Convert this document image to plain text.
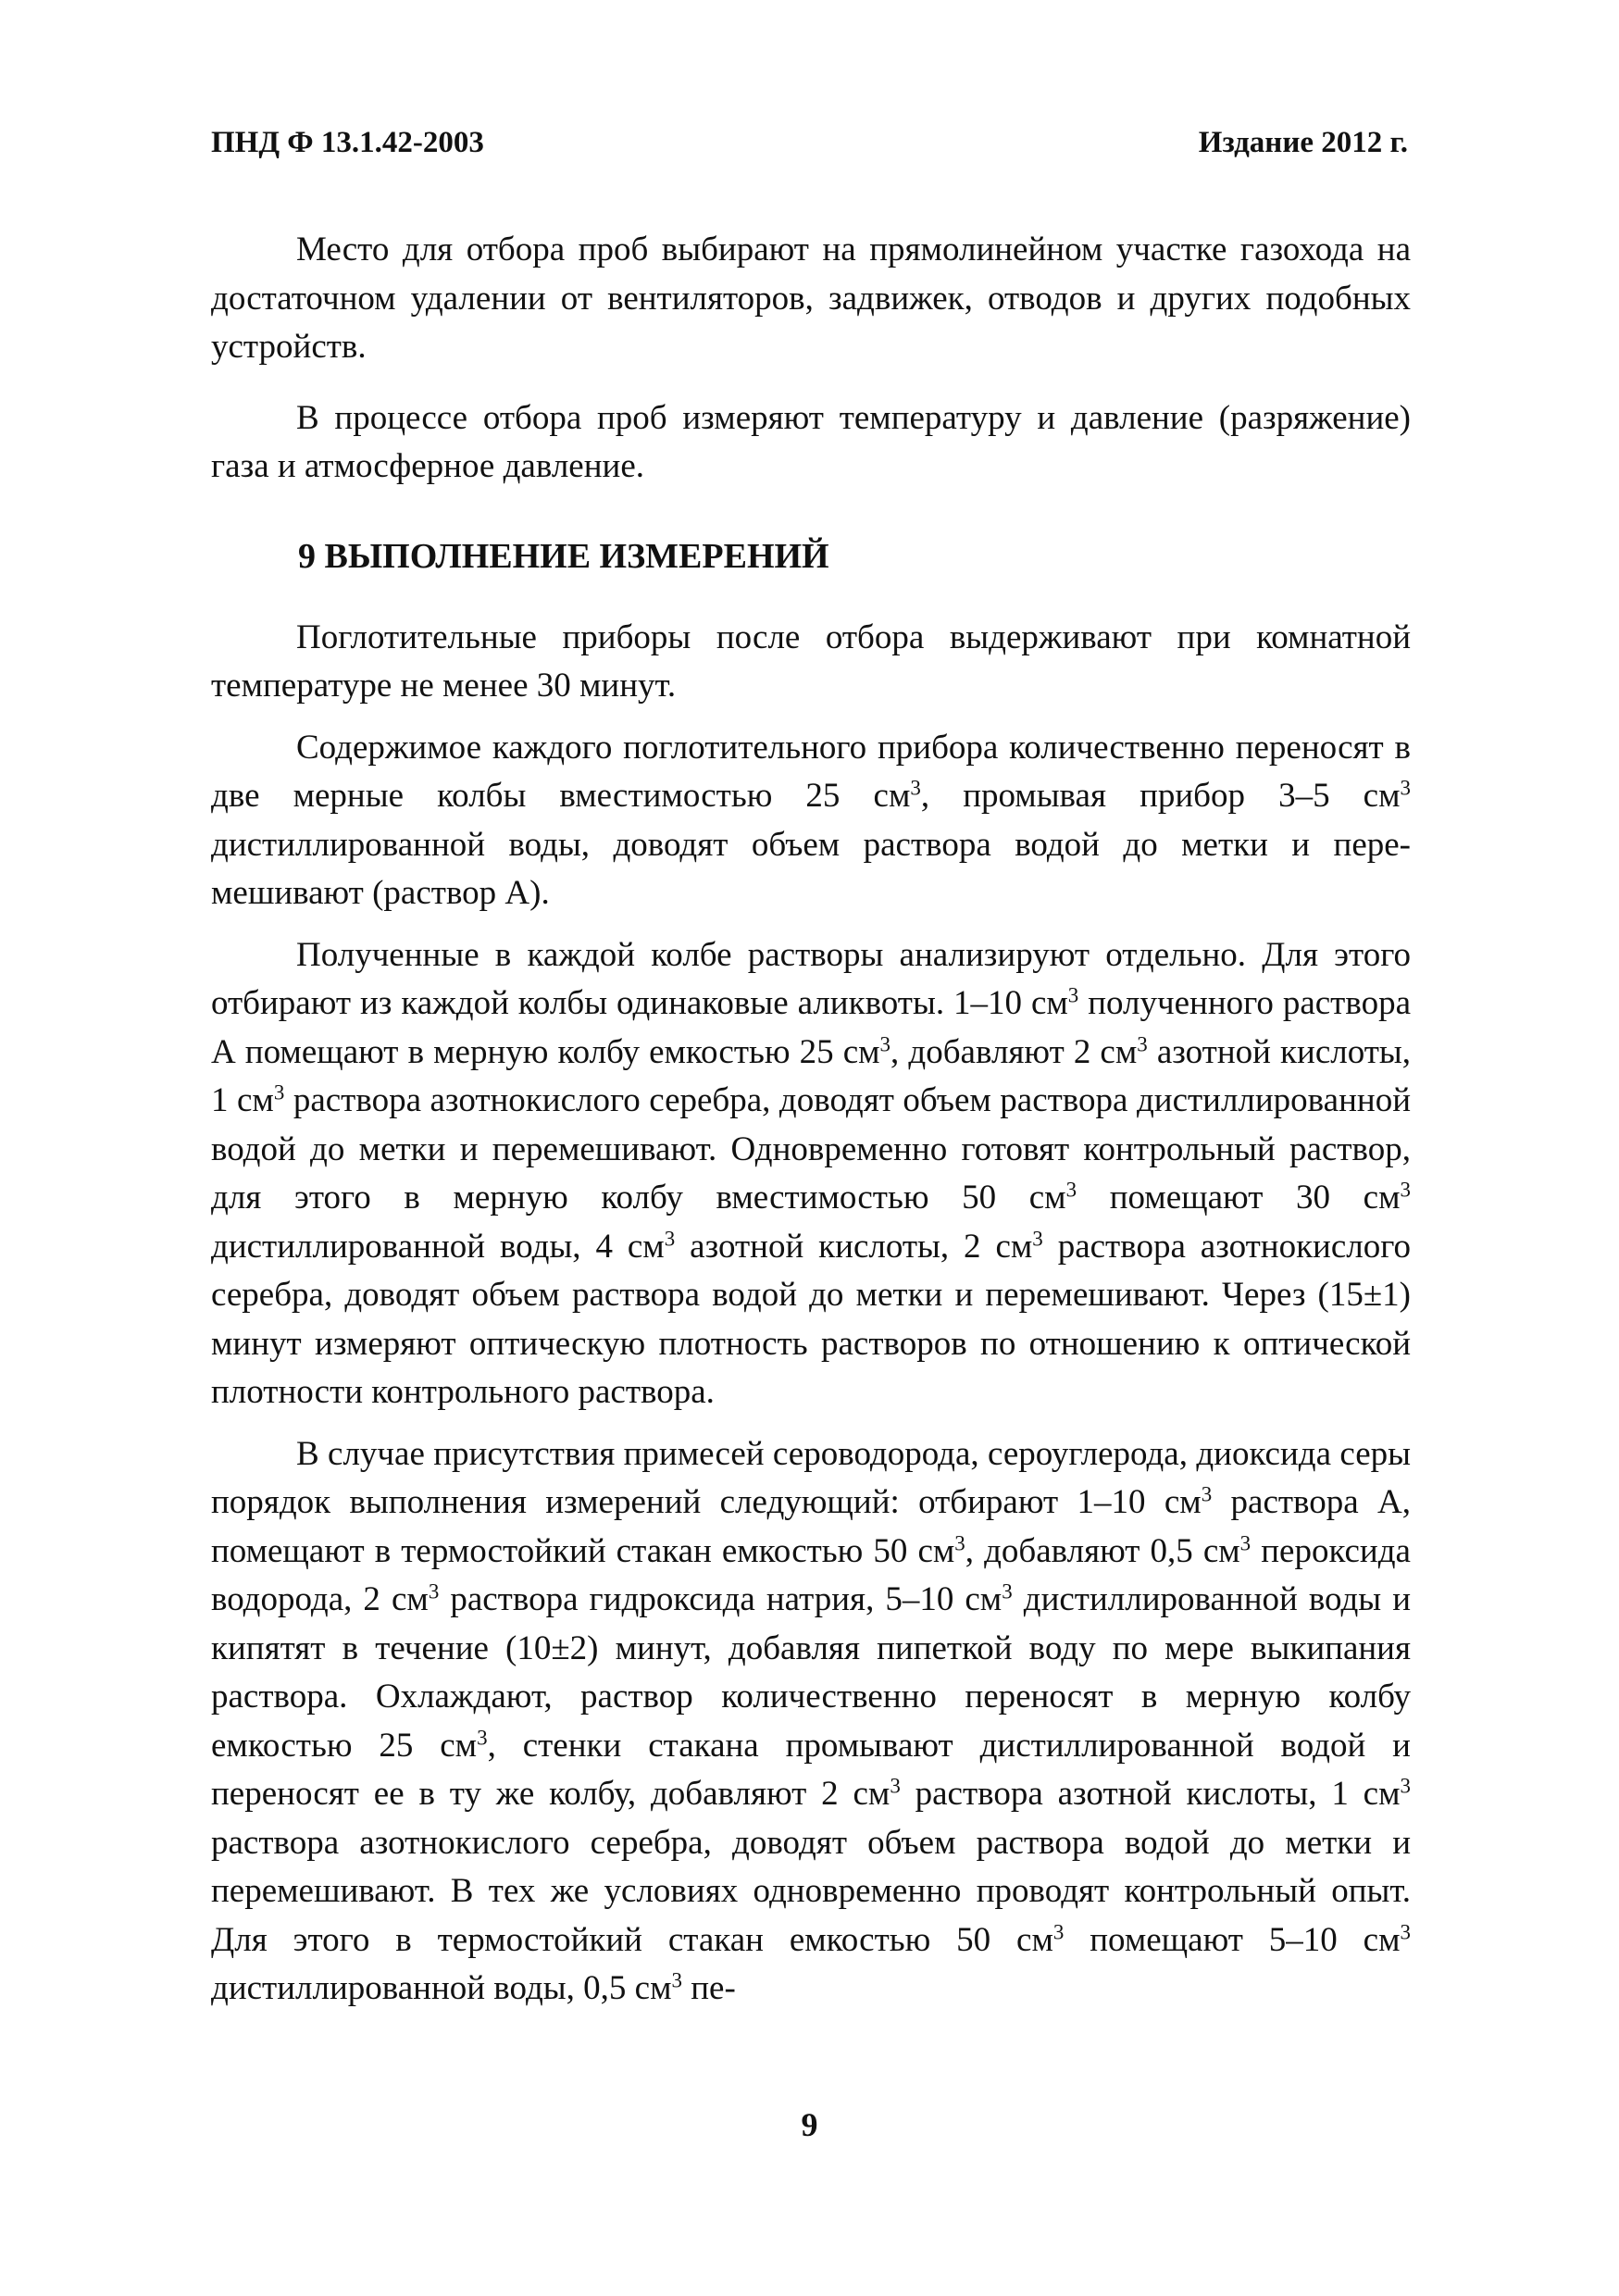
ПНД Ф 13.1.42-2003	Издание 2012 г.

Место для отбора проб выбирают на прямолинейном участке газохода на достаточном удалении от вентиляторов, задвижек, отводов и других подобных устройств.

В процессе отбора проб измеряют температуру и давление (разряжение) газа и атмосферное давление.

9 ВЫПОЛНЕНИЕ ИЗМЕРЕНИЙ

Поглотительные приборы после отбора выдерживают при комнатной температуре не менее 30 минут.

Содержимое каждого поглотительного прибора количественно переносят в две мерные колбы вместимостью 25 $см^3$, промывая прибор 3–5 $см^3$ дистиллированной воды, доводят объем раствора водой до метки и перемешивают (раствор А).

Полученные в каждой колбе растворы анализируют отдельно. Для этого отбирают из каждой колбы одинаковые аликвоты. 1–10 $см^3$ полученного раствора А помещают в мерную колбу емкостью 25 $см^3$, добавляют 2 $см^3$ азотной кислоты, 1 $см^3$ раствора азотнокислого серебра, доводят объем раствора дистиллированной водой до метки и перемешивают. Одновременно готовят контрольный раствор, для этого в мерную колбу вместимостью 50 $см^3$ помещают 30 $см^3$ дистиллированной воды, 4 $см^3$ азотной кислоты, 2 $см^3$ раствора азотнокислого серебра, доводят объем раствора водой до метки и перемешивают. Через (15±1) минут измеряют оптическую плотность растворов по отношению к оптической плотности контрольного раствора.

В случае присутствия примесей сероводорода, сероуглерода, диоксида серы порядок выполнения измерений следующий: отбирают 1–10 $см^3$ раствора А, помещают в термостойкий стакан емкостью 50 $см^3$, добавляют 0,5 $см^3$ пероксида водорода, 2 $см^3$ раствора гидроксида натрия, 5–10 $см^3$ дистиллированной воды и кипятят в течение (10±2) минут, добавляя пипеткой воду по мере выкипания раствора. Охлаждают, раствор количественно переносят в мерную колбу емкостью 25 $см^3$, стенки стакана промывают дистиллированной водой и переносят ее в ту же колбу, добавляют 2 $см^3$ раствора азотной кислоты, 1 $см^3$ раствора азотнокислого серебра, доводят объем раствора водой до метки и перемешивают. В тех же условиях одновременно проводят контрольный опыт. Для этого в термостойкий стакан емкостью 50 $см^3$ помещают 5–10 $см^3$ дистиллированной воды, 0,5 $см^3$ пе-

9
